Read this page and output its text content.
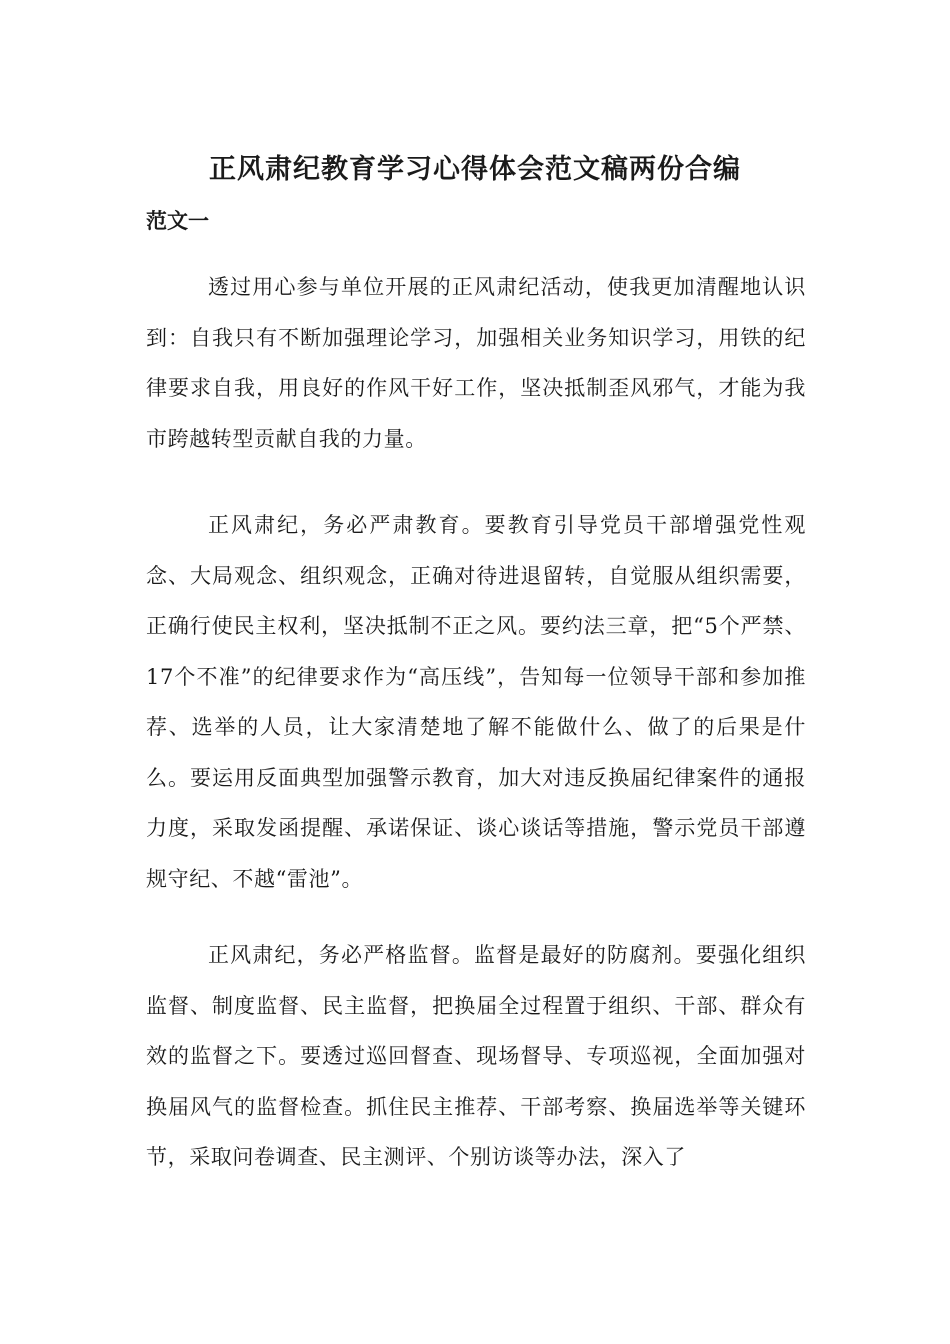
正风肃纪教育学习心得体会范文稿两份合编
范文一

透过用心参与单位开展的正风肃纪活动，使我更加清醒地认识到：自我只有不断加强理论学习，加强相关业务知识学习，用铁的纪律要求自我，用良好的作风干好工作，坚决抵制歪风邪气，才能为我市跨越转型贡献自我的力量。

正风肃纪，务必严肃教育。要教育引导党员干部增强党性观念、大局观念、组织观念，正确对待进退留转，自觉服从组织需要，正确行使民主权利，坚决抵制不正之风。要约法三章，把“5个严禁、17个不准”的纪律要求作为“高压线”，告知每一位领导干部和参加推荐、选举的人员，让大家清楚地了解不能做什么、做了的后果是什么。要运用反面典型加强警示教育，加大对违反换届纪律案件的通报力度，采取发函提醒、承诺保证、谈心谈话等措施，警示党员干部遵规守纪、不越“雷池”。

正风肃纪，务必严格监督。监督是最好的防腐剂。要强化组织监督、制度监督、民主监督，把换届全过程置于组织、干部、群众有效的监督之下。要透过巡回督查、现场督导、专项巡视，全面加强对换届风气的监督检查。抓住民主推荐、干部考察、换届选举等关键环节，采取问卷调查、民主测评、个别访谈等办法，深入了
